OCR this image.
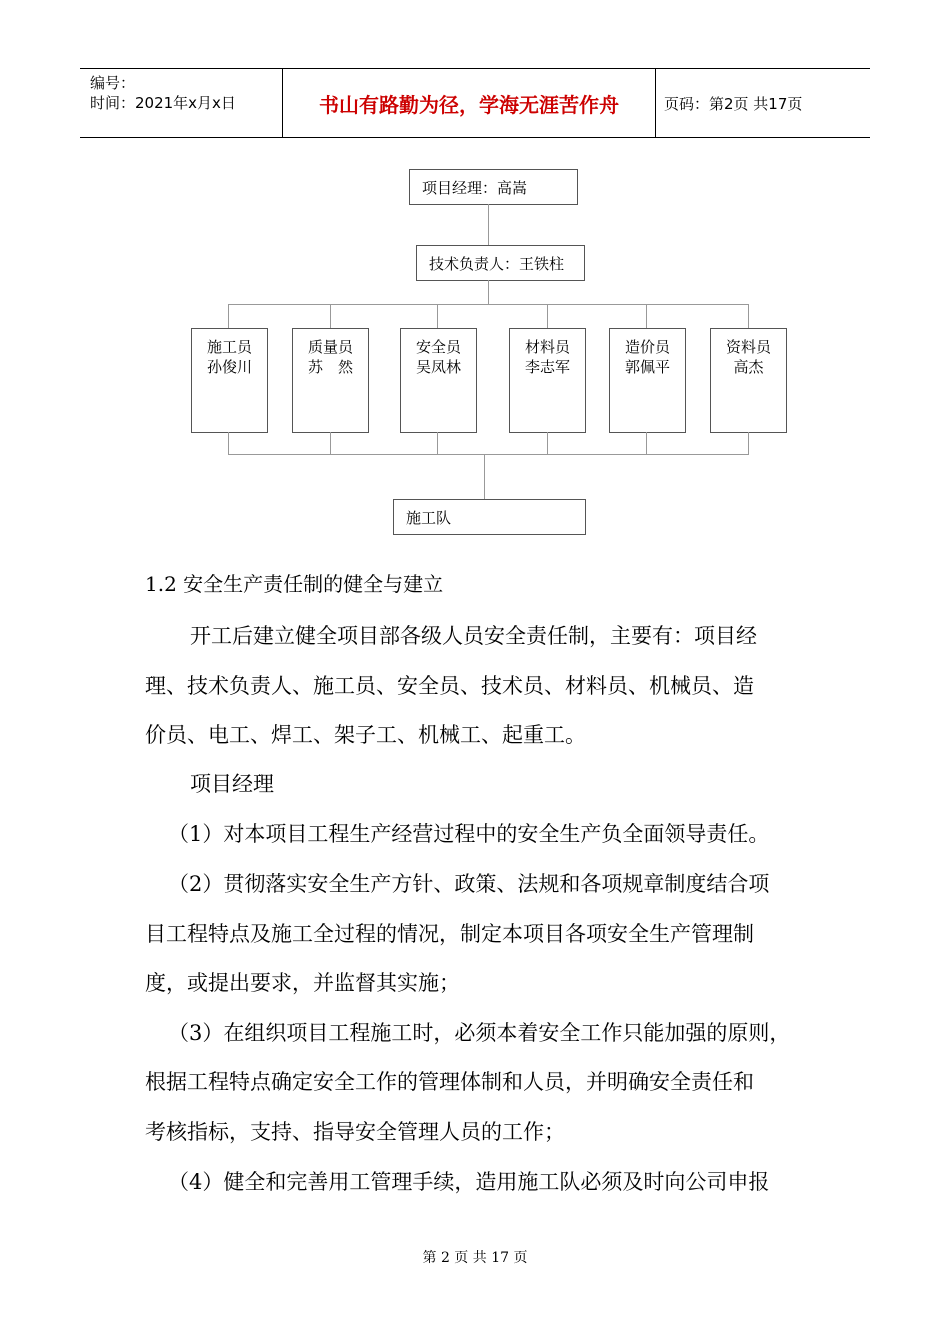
编号：
时间：2021年x月x日	书山有路勤为径，学海无涯苦作舟	页码：第2页 共17页
项目经理：高嵩
技术负责人：王铁柱
施工员
孙俊川
质量员
苏　然
安全员
吴凤林
材料员
李志军
造价员
郭佩平
资料员
高杰
施工队
1.2 安全生产责任制的健全与建立
开工后建立健全项目部各级人员安全责任制，主要有：项目经
理、技术负责人、施工员、安全员、技术员、材料员、机械员、造
价员、电工、焊工、架子工、机械工、起重工。
项目经理
（1）对本项目工程生产经营过程中的安全生产负全面领导责任。
（2）贯彻落实安全生产方针、政策、法规和各项规章制度结合项
目工程特点及施工全过程的情况，制定本项目各项安全生产管理制
度，或提出要求，并监督其实施；
（3）在组织项目工程施工时，必须本着安全工作只能加强的原则，
根据工程特点确定安全工作的管理体制和人员，并明确安全责任和
考核指标，支持、指导安全管理人员的工作；
（4）健全和完善用工管理手续，造用施工队必须及时向公司申报
第 2 页 共 17 页
